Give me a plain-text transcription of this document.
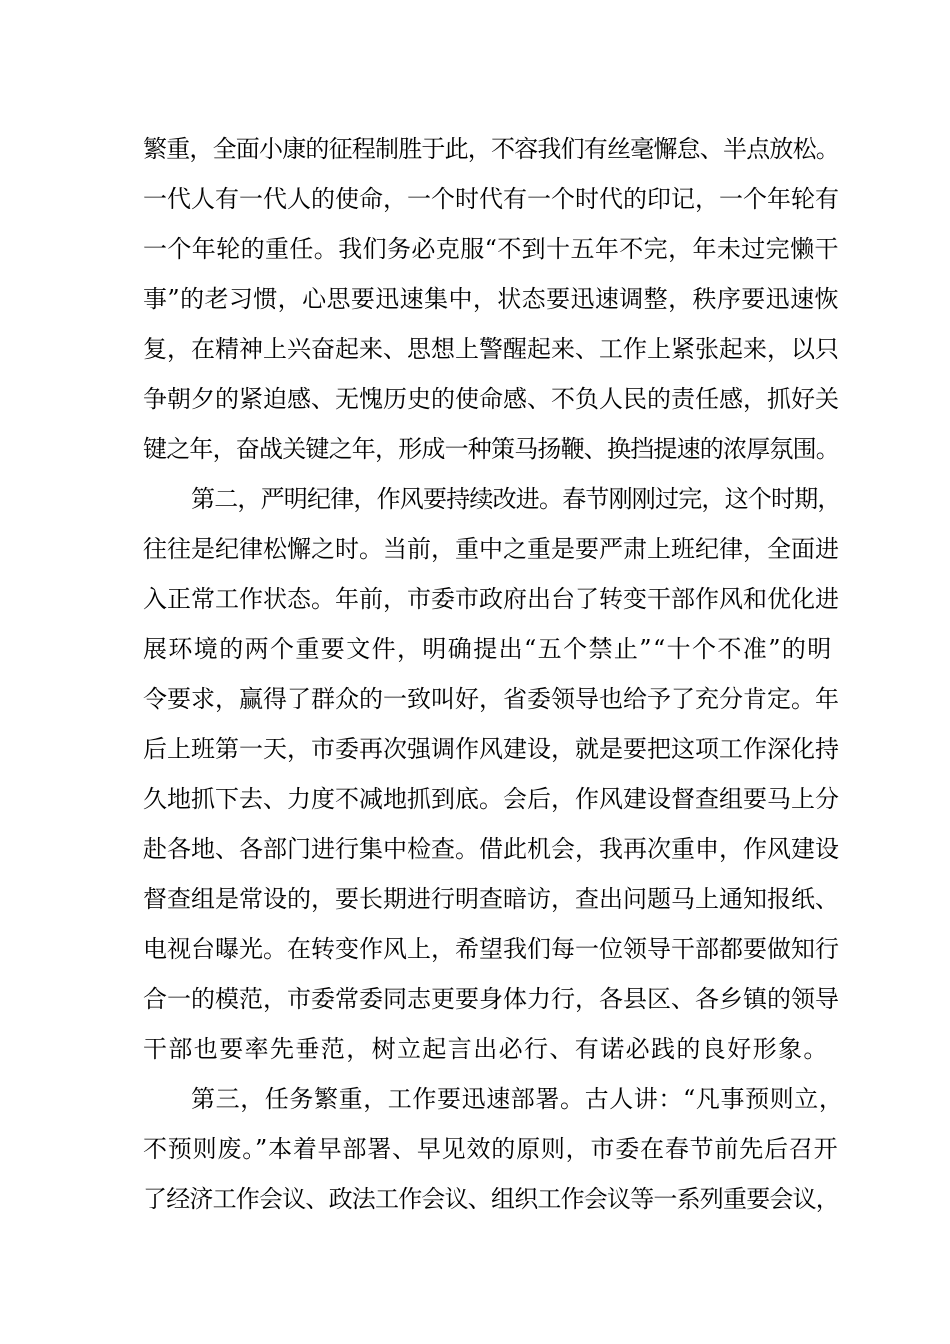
繁重，全面小康的征程制胜于此，不容我们有丝毫懈怠、半点放松。

一代人有一代人的使命，一个时代有一个时代的印记，一个年轮有

一个年轮的重任。我们务必克服“不到十五年不完，年未过完懒干

事”的老习惯，心思要迅速集中，状态要迅速调整，秩序要迅速恢

复，在精神上兴奋起来、思想上警醒起来、工作上紧张起来，以只

争朝夕的紧迫感、无愧历史的使命感、不负人民的责任感，抓好关

键之年，奋战关键之年，形成一种策马扬鞭、换挡提速的浓厚氛围。

第二，严明纪律，作风要持续改进。春节刚刚过完，这个时期，

往往是纪律松懈之时。当前，重中之重是要严肃上班纪律，全面进

入正常工作状态。年前，市委市政府出台了转变干部作风和优化进

展环境的两个重要文件，明确提出“五个禁止”“十个不准”的明

令要求，赢得了群众的一致叫好，省委领导也给予了充分肯定。年

后上班第一天，市委再次强调作风建设，就是要把这项工作深化持

久地抓下去、力度不减地抓到底。会后，作风建设督查组要马上分

赴各地、各部门进行集中检查。借此机会，我再次重申，作风建设

督查组是常设的，要长期进行明查暗访，查出问题马上通知报纸、

电视台曝光。在转变作风上，希望我们每一位领导干部都要做知行

合一的模范，市委常委同志更要身体力行，各县区、各乡镇的领导

干部也要率先垂范，树立起言出必行、有诺必践的良好形象。

第三，任务繁重，工作要迅速部署。古人讲：“凡事预则立，

不预则废。”本着早部署、早见效的原则，市委在春节前先后召开

了经济工作会议、政法工作会议、组织工作会议等一系列重要会议，
